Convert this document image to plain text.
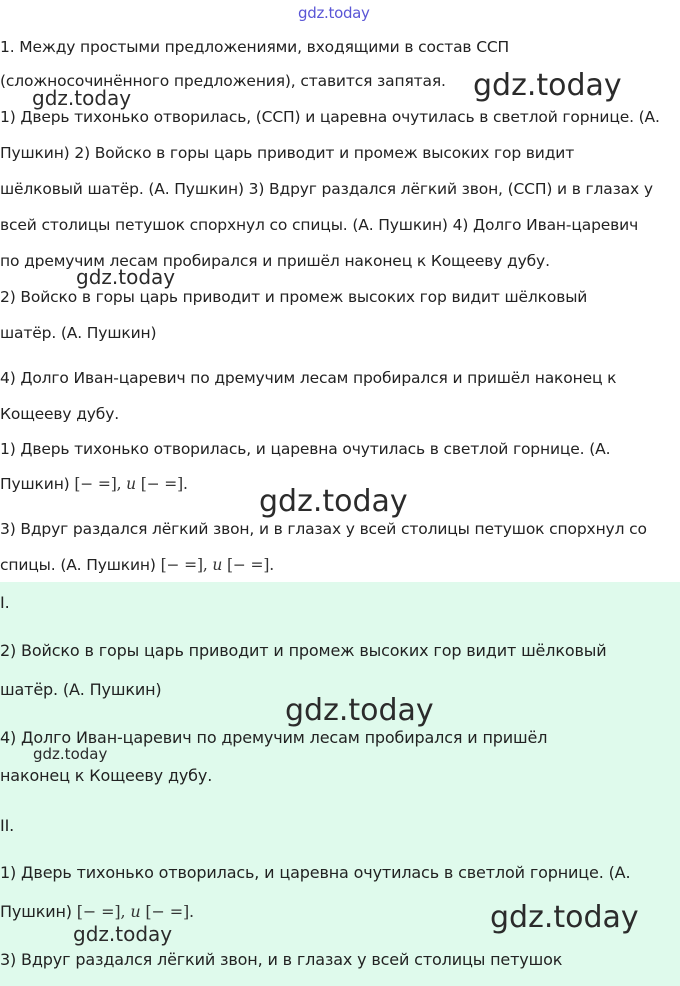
gdz.today
1. Между простыми предложениями, входящими в состав ССП
(сложносочинённого предложения), ставится запятая. gdz.today
gdz.today
1) Дверь тихонько отворилась, (ССП) и царевна очутилась в светлой горнице. (А.
Пушкин) 2) Войско в горы царь приводит и промеж высоких гор видит
шёлковый шатёр. (А. Пушкин) 3) Вдруг раздался лёгкий звон, (ССП) и в глазах у
всей столицы петушок спорхнул со спицы. (А. Пушкин) 4) Долго Иван-царевич
по дремучим лесам пробирался и пришёл наконец к Кощееву дубу.
gdz.today
2) Войско в горы царь приводит и промеж высоких гор видит шёлковый
шатёр. (А. Пушкин)
4) Долго Иван-царевич по дремучим лесам пробирался и пришёл наконец к
Кощееву дубу.
1) Дверь тихонько отворилась, и царевна очутилась в светлой горнице. (А.
Пушкин) [− =], и [− =].	gdz.today
3) Вдруг раздался лёгкий звон, и в глазах у всей столицы петушок спорхнул со
спицы. (А. Пушкин) [− =], и [− =].
I.
2) Войско в горы царь приводит и промеж высоких гор видит шёлковый
шатёр. (А. Пушкин)
gdz.today
4) Долго Иван-царевич по дремучим лесам пробирался и пришёл
gdz.today
наконец к Кощееву дубу.
II.
1) Дверь тихонько отворилась, и царевна очутилась в светлой горнице. (А.
Пушкин) [− =], и [− =].	gdz.today
gdz.today
3) Вдруг раздался лёгкий звон, и в глазах у всей столицы петушок
